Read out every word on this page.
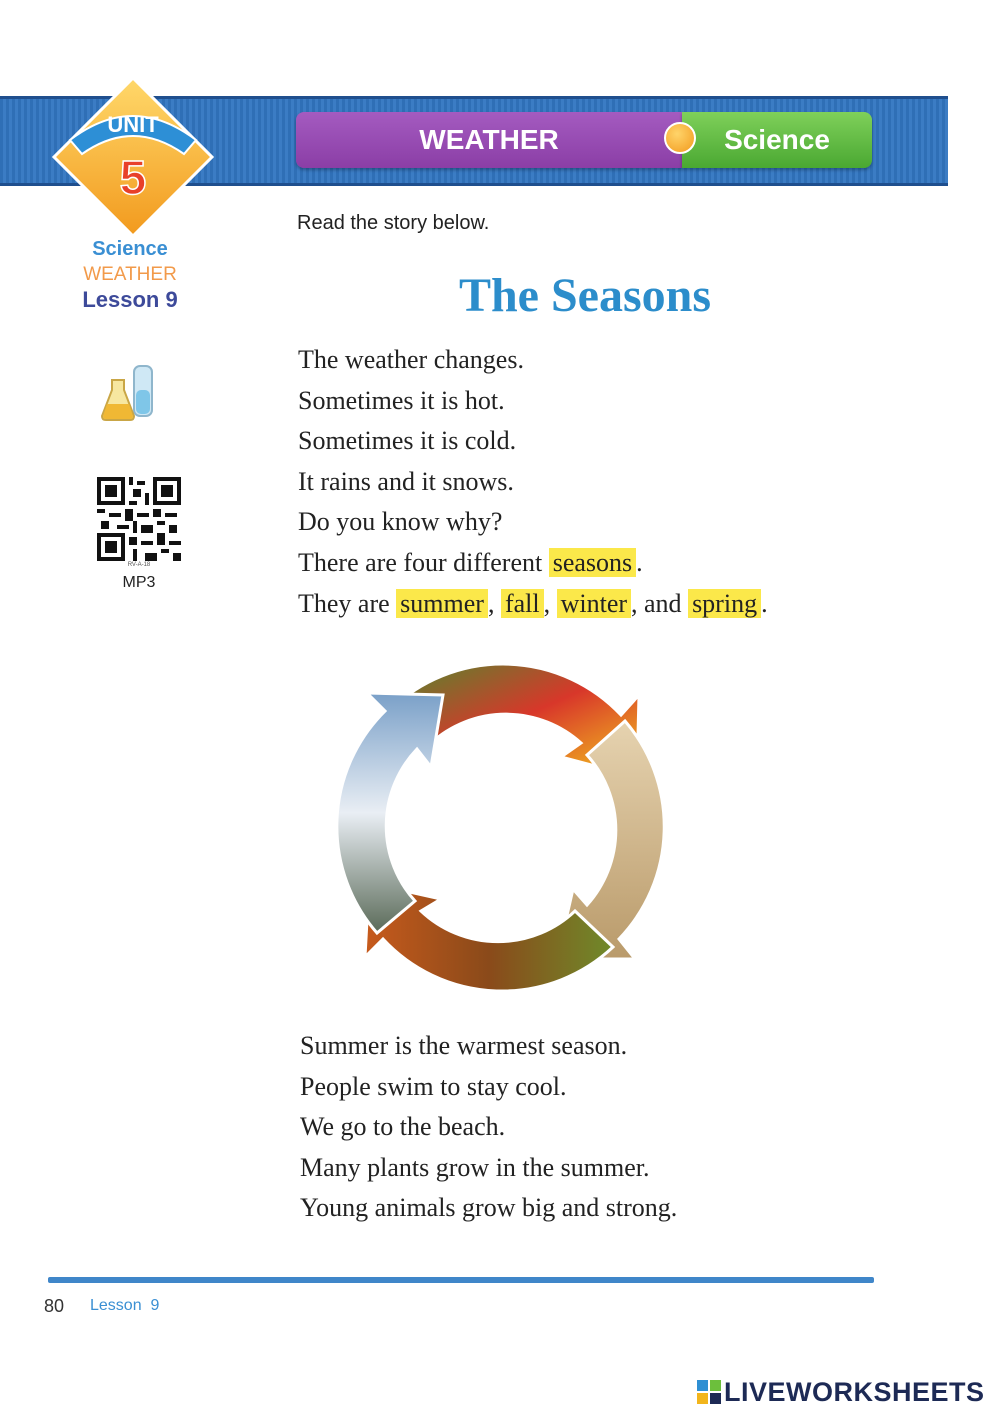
WEATHER	Science
UNIT
5
Science
WEATHER
Lesson 9
RV-A-18
MP3
Read the story below.
The Seasons
The weather changes.
Sometimes it is hot.
Sometimes it is cold.
It rains and it snows.
Do you know why?
There are four different seasons .
They are summer , fall , winter , and spring .
Summer is the warmest season.
People swim to stay cool.
We go to the beach.
Many plants grow in the summer.
Young animals grow big and strong.
80 Lesson 9
LIVEWORKSHEETS
